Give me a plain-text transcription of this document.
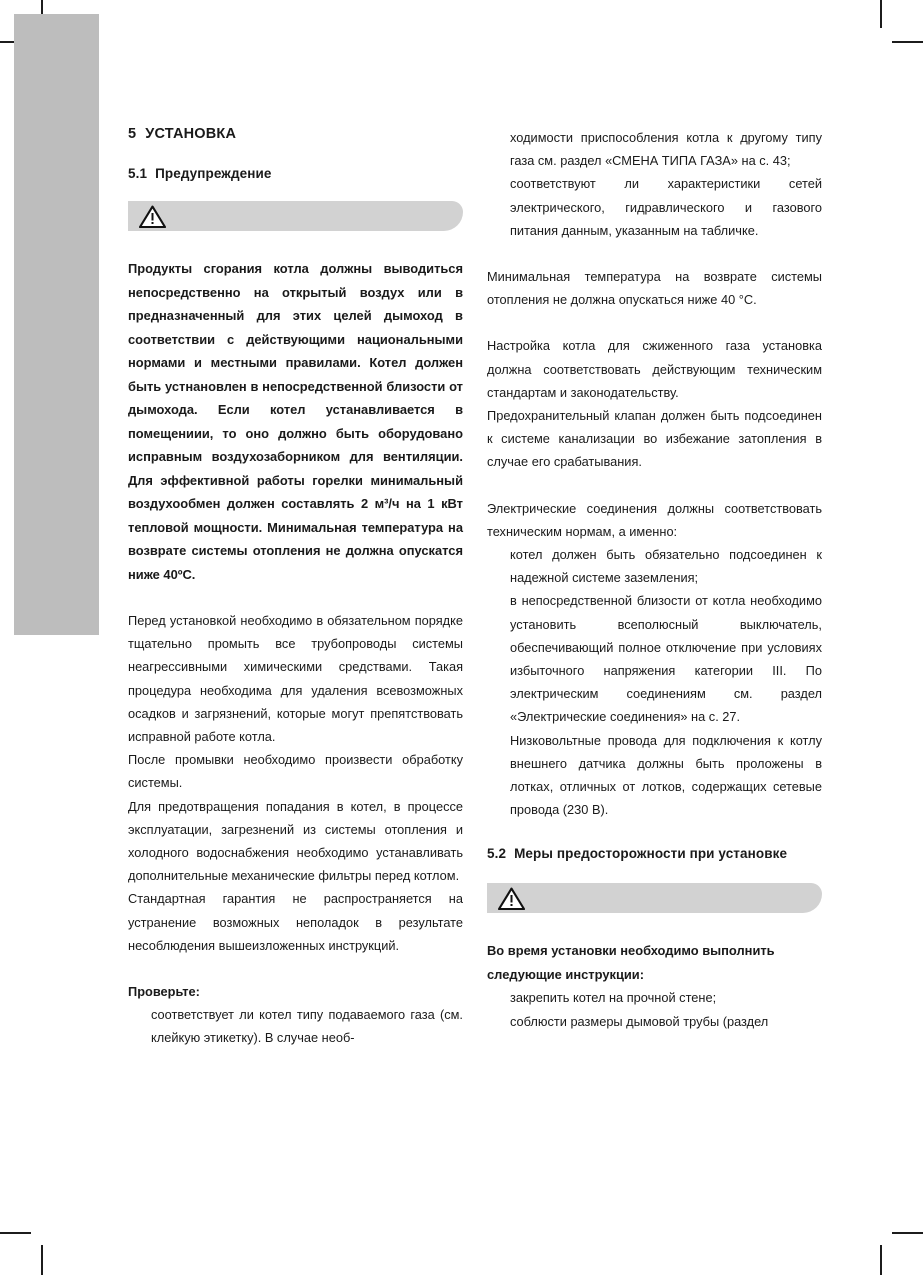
5 УСТАНОВКА
5.1 Предупреждение

Продукты сгорания котла должны выводиться непосредственно на открытый воздух или в предназначенный для этих целей дымоход в соответствии с действующими национальными нормами и местными правилами. Котел должен быть устнановлен в непосредственной близости от дымохода. Если котел устанавливается в помещениии, то оно должно быть оборудовано исправным воздухозаборником для вентиляции. Для эффективной работы горелки минимальный воздухообмен должен составлять 2 м³/ч на 1 кВт тепловой мощности. Минимальная температура на возврате системы отопления не должна опускатся ниже 40ºС.

Перед установкой необходимо в обязательном порядке тщательно промыть все трубопроводы системы неагрессивными химическими средствами. Такая процедура необходима для удаления всевозможных осадков и загрязнений, которые могут препятствовать исправной работе котла.

После промывки необходимо произвести обработку системы.

Для предотвращения попадания в котел, в процессе эксплуатации, загрезнений из системы отопления и холодного водоснабжения необходимо устанавливать дополнительные механические фильтры перед котлом.

Стандартная гарантия не распространяется на устранение возможных неполадок в результате несоблюдения вышеизложенных инструкций.

Проверьте:

соответствует ли котел типу подаваемого газа (см. клейкую этикетку). В случае необ-
ходимости приспособления котла к другому типу газа см. раздел «СМЕНА ТИПА ГАЗА» на с. 43;
соответствуют ли характеристики сетей электрического, гидравлического и газового питания данным, указанным на табличке.

Минимальная температура на возврате системы отопления не должна опускаться ниже 40 °С.

Настройка котла для сжиженного газа установка должна соответствовать действующим техническим стандартам и законодательству.

Предохранительный клапан должен быть подсоединен к системе канализации во избежание затопления в случае его срабатывания.

Электрические соединения должны соответствовать техническим нормам, а именно:

котел должен быть обязательно подсоединен к надежной системе заземления;
в непосредственной близости от котла необходимо установить всеполюсный выключатель, обеспечивающий полное отключение при условиях избыточного напряжения категории III. По электрическим соединениям см. раздел «Электрические соединения» на с. 27.
Низковольтные провода для подключения к котлу внешнего датчика должны быть проложены в лотках, отличных от лотков, содержащих сетевые провода (230 В).
5.2 Меры предосторожности при установке

Во время установки необходимо выполнить следующие инструкции:

закрепить котел на прочной стене;
соблюсти размеры дымовой трубы (раздел
